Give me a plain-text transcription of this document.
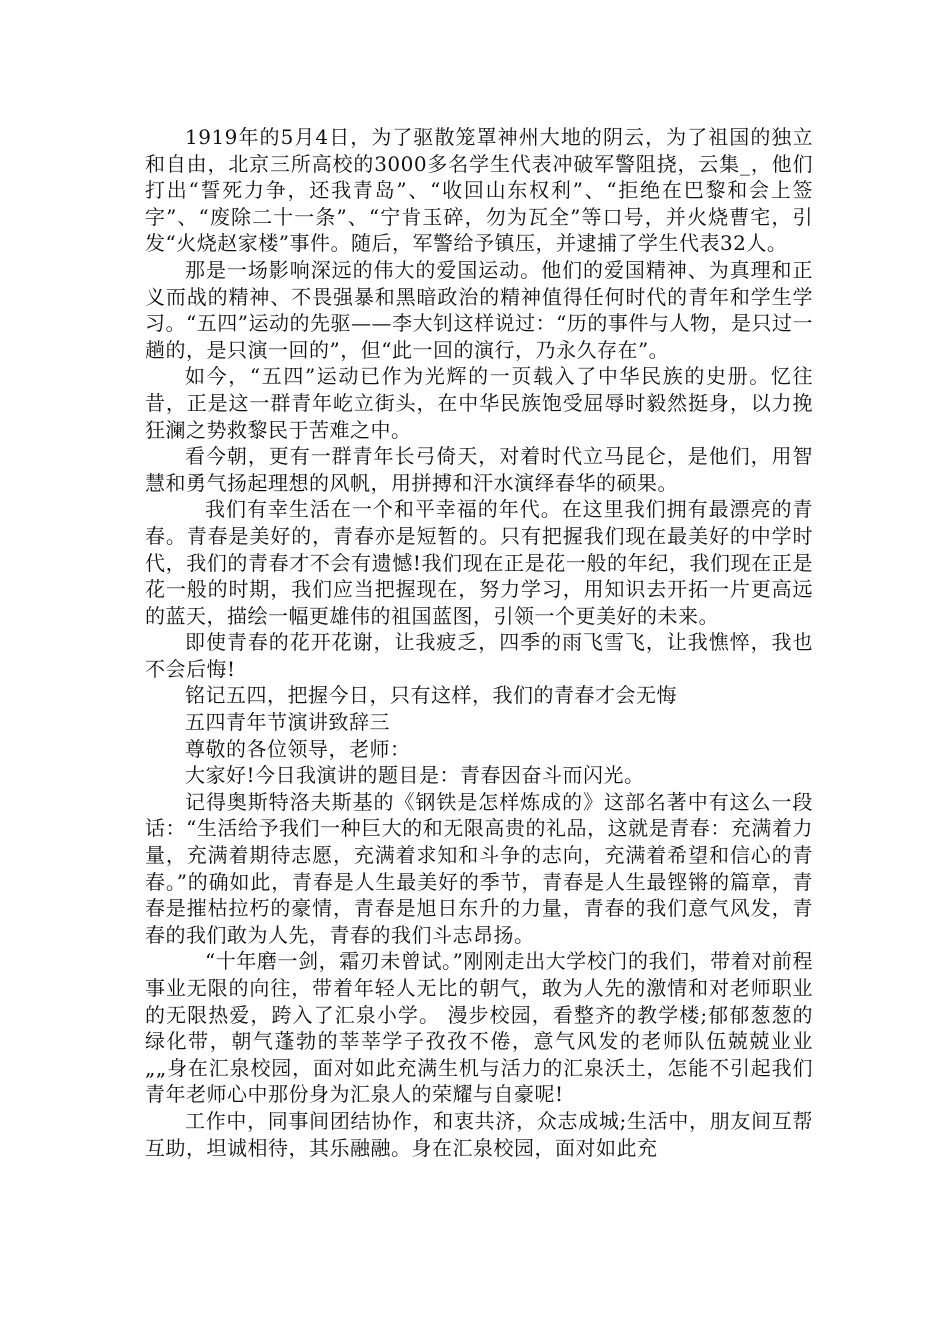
1919年的5月4日，为了驱散笼罩神州大地的阴云，为了祖国的独立和自由，北京三所高校的3000多名学生代表冲破军警阻挠，云集_，他们打出“誓死力争，还我青岛”、“收回山东权利”、“拒绝在巴黎和会上签字”、“废除二十一条”、“宁肯玉碎，勿为瓦全”等口号，并火烧曹宅，引发“火烧赵家楼”事件。随后，军警给予镇压，并逮捕了学生代表32人。

那是一场影响深远的伟大的爱国运动。他们的爱国精神、为真理和正义而战的精神、不畏强暴和黑暗政治的精神值得任何时代的青年和学生学习。“五四”运动的先驱——李大钊这样说过：“历的事件与人物，是只过一趟的，是只演一回的”，但“此一回的演行，乃永久存在”。

如今，“五四”运动已作为光辉的一页载入了中华民族的史册。忆往昔，正是这一群青年屹立街头，在中华民族饱受屈辱时毅然挺身，以力挽狂澜之势救黎民于苦难之中。

看今朝，更有一群青年长弓倚天，对着时代立马昆仑，是他们，用智慧和勇气扬起理想的风帆，用拼搏和汗水演绎春华的硕果。

我们有幸生活在一个和平幸福的年代。在这里我们拥有最漂亮的青春。青春是美好的，青春亦是短暂的。只有把握我们现在最美好的中学时代，我们的青春才不会有遗憾!我们现在正是花一般的年纪，我们现在正是花一般的时期，我们应当把握现在，努力学习，用知识去开拓一片更高远的蓝天，描绘一幅更雄伟的祖国蓝图，引领一个更美好的未来。

即使青春的花开花谢，让我疲乏，四季的雨飞雪飞，让我憔悴，我也不会后悔!

铭记五四，把握今日，只有这样，我们的青春才会无悔

五四青年节演讲致辞三

尊敬的各位领导，老师：

大家好!今日我演讲的题目是：青春因奋斗而闪光。

记得奥斯特洛夫斯基的《钢铁是怎样炼成的》这部名著中有这么一段话：“生活给予我们一种巨大的和无限高贵的礼品，这就是青春：充满着力量，充满着期待志愿，充满着求知和斗争的志向，充满着希望和信心的青春。”的确如此，青春是人生最美好的季节，青春是人生最铿锵的篇章，青春是摧枯拉朽的豪情，青春是旭日东升的力量，青春的我们意气风发，青春的我们敢为人先，青春的我们斗志昂扬。

“十年磨一剑，霜刃未曾试。”刚刚走出大学校门的我们，带着对前程事业无限的向往，带着年轻人无比的朝气，敢为人先的激情和对老师职业的无限热爱，跨入了汇泉小学。 漫步校园，看整齐的教学楼;郁郁葱葱的绿化带，朝气蓬勃的莘莘学子孜孜不倦，意气风发的老师队伍兢兢业业„„身在汇泉校园，面对如此充满生机与活力的汇泉沃土，怎能不引起我们青年老师心中那份身为汇泉人的荣耀与自豪呢!

工作中，同事间团结协作，和衷共济，众志成城;生活中，朋友间互帮互助，坦诚相待，其乐融融。身在汇泉校园，面对如此充
